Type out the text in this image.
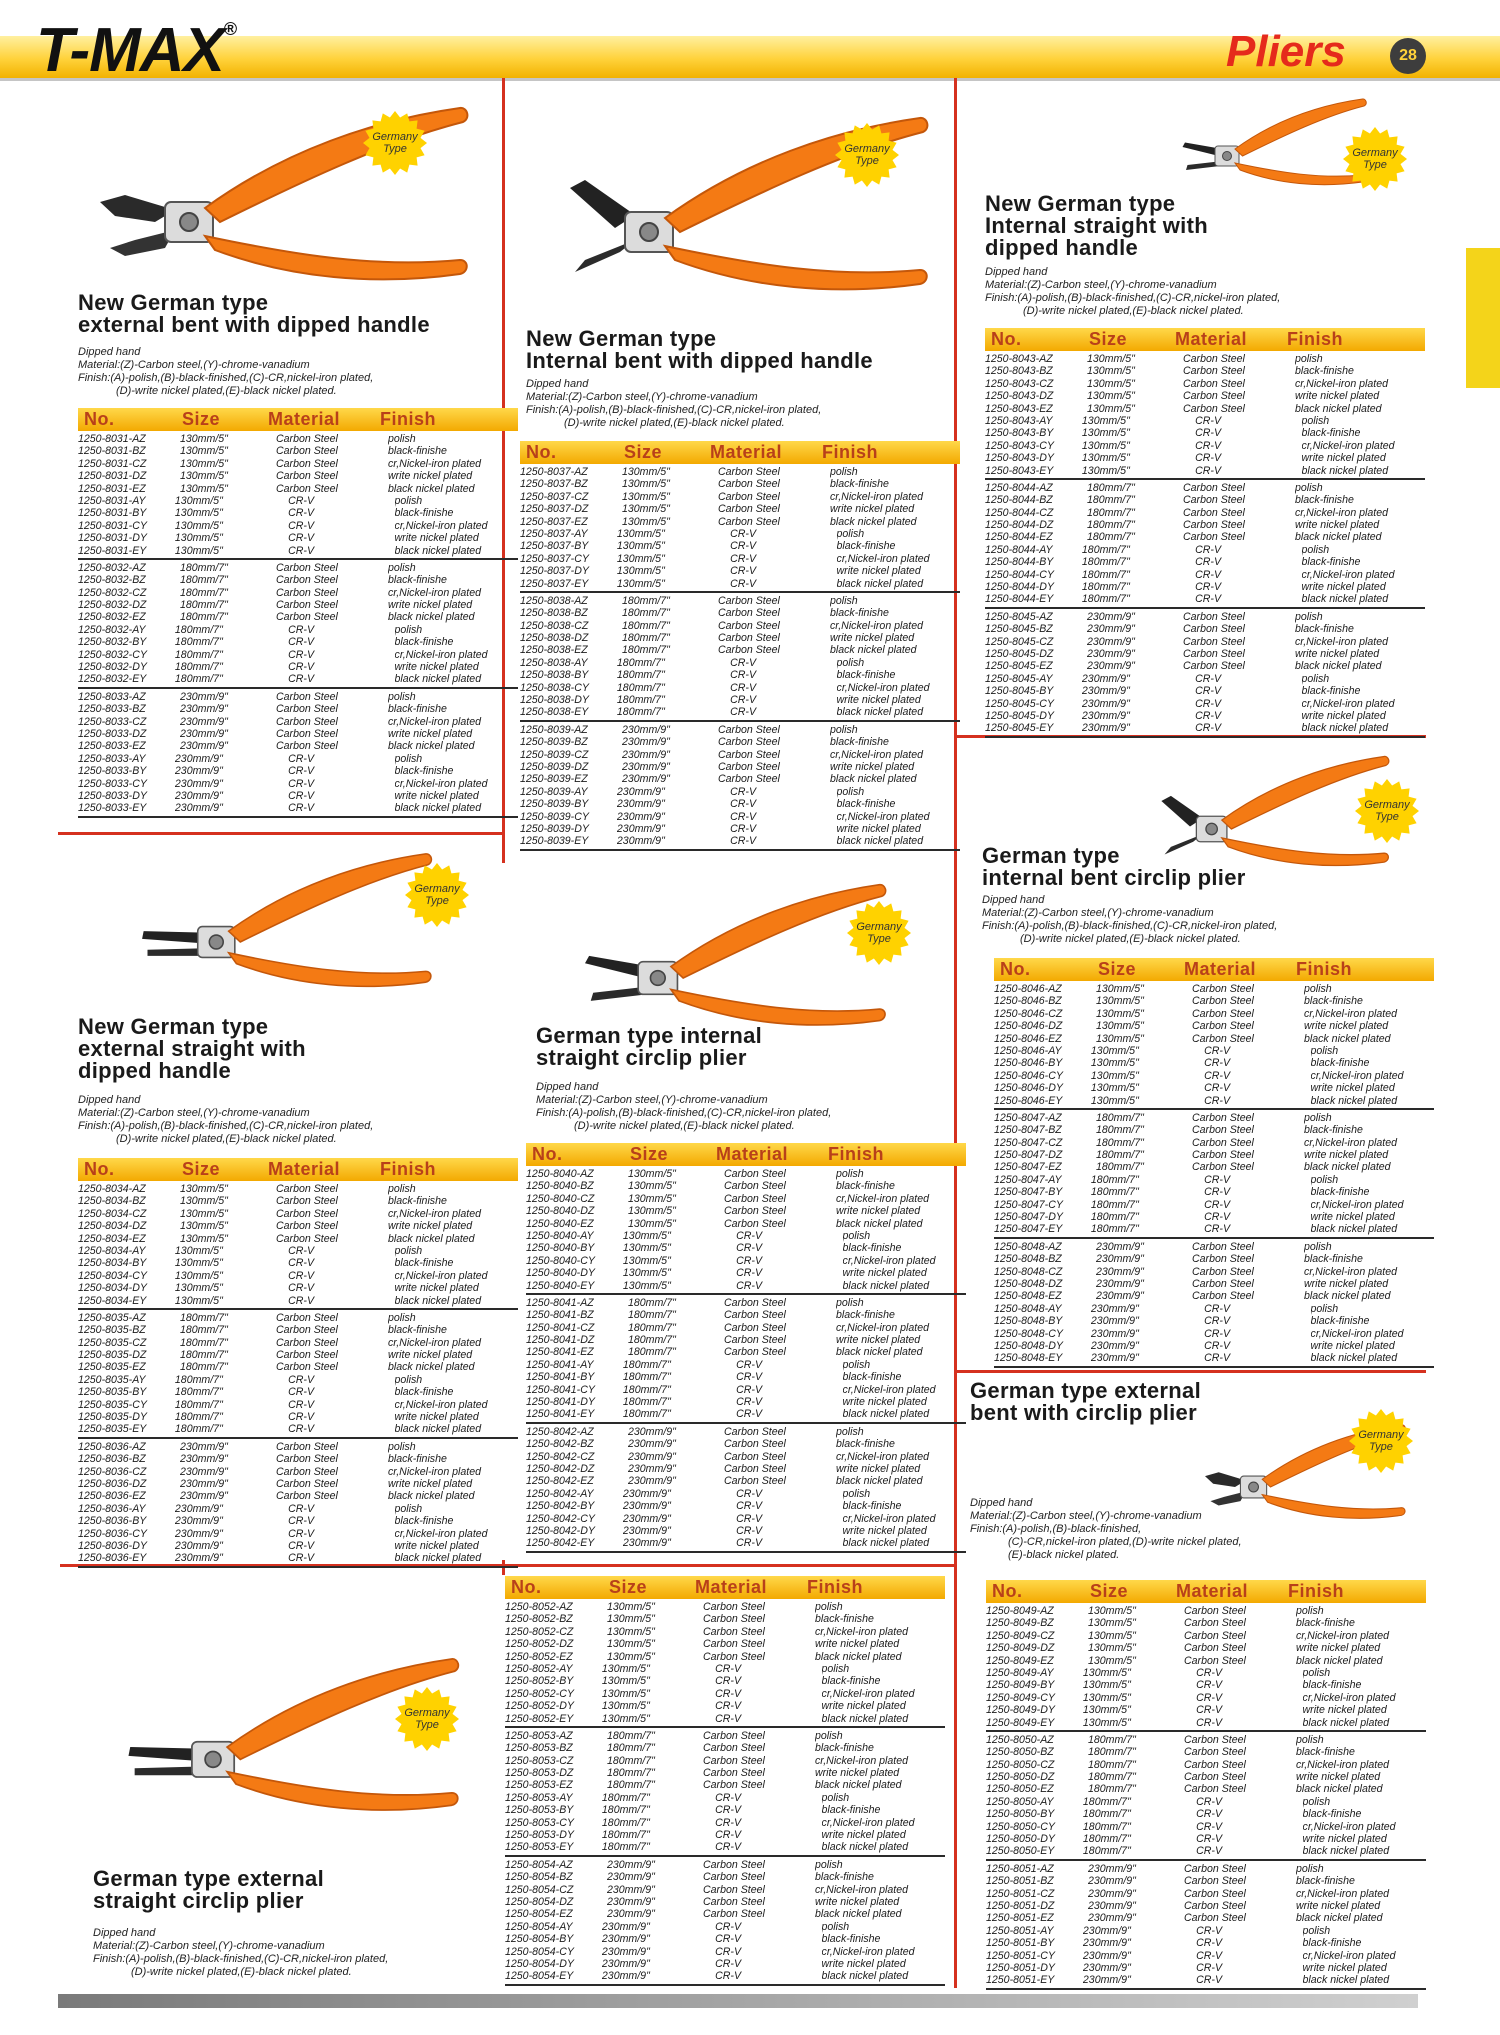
T-MAX®	Pliers	28
Germany
Type
New German type
external bent with dipped handle
Dipped hand
Material:(Z)-Carbon steel,(Y)-chrome-vanadium
Finish:(A)-polish,(B)-black-finished,(C)-CR,nickel-iron plated,
(D)-write nickel plated,(E)-black nickel plated.
No.	Size	Material Finish
1250-8031-AZ	130mm/5"	Carbon Steel	polish
1250-8031-BZ	130mm/5"	Carbon Steel	black-finishe
1250-8031-CZ	130mm/5"	Carbon Steel	cr,Nickel-iron plated
1250-8031-DZ	130mm/5"	Carbon Steel	write nickel plated
1250-8031-EZ	130mm/5"	Carbon Steel	black nickel plated
1250-8031-AY	130mm/5"	CR-V	polish
1250-8031-BY	130mm/5"	CR-V	black-finishe
1250-8031-CY	130mm/5"	CR-V	cr,Nickel-iron plated
1250-8031-DY	130mm/5"	CR-V	write nickel plated
1250-8031-EY	130mm/5"	CR-V	black nickel plated
1250-8032-AZ	180mm/7"	Carbon Steel	polish
1250-8032-BZ	180mm/7"	Carbon Steel	black-finishe
1250-8032-CZ	180mm/7"	Carbon Steel	cr,Nickel-iron plated
1250-8032-DZ	180mm/7"	Carbon Steel	write nickel plated
1250-8032-EZ	180mm/7"	Carbon Steel	black nickel plated
1250-8032-AY	180mm/7"	CR-V	polish
1250-8032-BY	180mm/7"	CR-V	black-finishe
1250-8032-CY	180mm/7"	CR-V	cr,Nickel-iron plated
1250-8032-DY	180mm/7"	CR-V	write nickel plated
1250-8032-EY	180mm/7"	CR-V	black nickel plated
1250-8033-AZ	230mm/9"	Carbon Steel	polish
1250-8033-BZ	230mm/9"	Carbon Steel	black-finishe
1250-8033-CZ	230mm/9"	Carbon Steel	cr,Nickel-iron plated
1250-8033-DZ	230mm/9"	Carbon Steel	write nickel plated
1250-8033-EZ	230mm/9"	Carbon Steel	black nickel plated
1250-8033-AY	230mm/9"	CR-V	polish
1250-8033-BY	230mm/9"	CR-V	black-finishe
1250-8033-CY	230mm/9"	CR-V	cr,Nickel-iron plated
1250-8033-DY	230mm/9"	CR-V	write nickel plated
1250-8033-EY	230mm/9"	CR-V	black nickel plated
Germany
Type
New German type
Internal bent with dipped handle
Dipped hand
Material:(Z)-Carbon steel,(Y)-chrome-vanadium
Finish:(A)-polish,(B)-black-finished,(C)-CR,nickel-iron plated,
(D)-write nickel plated,(E)-black nickel plated.
No.	Size	Material Finish
1250-8037-AZ	130mm/5"	Carbon Steel	polish
1250-8037-BZ	130mm/5"	Carbon Steel	black-finishe
1250-8037-CZ	130mm/5"	Carbon Steel	cr,Nickel-iron plated
1250-8037-DZ	130mm/5"	Carbon Steel	write nickel plated
1250-8037-EZ	130mm/5"	Carbon Steel	black nickel plated
1250-8037-AY	130mm/5"	CR-V	polish
1250-8037-BY	130mm/5"	CR-V	black-finishe
1250-8037-CY	130mm/5"	CR-V	cr,Nickel-iron plated
1250-8037-DY	130mm/5"	CR-V	write nickel plated
1250-8037-EY	130mm/5"	CR-V	black nickel plated
1250-8038-AZ	180mm/7"	Carbon Steel	polish
1250-8038-BZ	180mm/7"	Carbon Steel	black-finishe
1250-8038-CZ	180mm/7"	Carbon Steel	cr,Nickel-iron plated
1250-8038-DZ	180mm/7"	Carbon Steel	write nickel plated
1250-8038-EZ	180mm/7"	Carbon Steel	black nickel plated
1250-8038-AY	180mm/7"	CR-V	polish
1250-8038-BY	180mm/7"	CR-V	black-finishe
1250-8038-CY	180mm/7"	CR-V	cr,Nickel-iron plated
1250-8038-DY	180mm/7"	CR-V	write nickel plated
1250-8038-EY	180mm/7"	CR-V	black nickel plated
1250-8039-AZ	230mm/9"	Carbon Steel	polish
1250-8039-BZ	230mm/9"	Carbon Steel	black-finishe
1250-8039-CZ	230mm/9"	Carbon Steel	cr,Nickel-iron plated
1250-8039-DZ	230mm/9"	Carbon Steel	write nickel plated
1250-8039-EZ	230mm/9"	Carbon Steel	black nickel plated
1250-8039-AY	230mm/9"	CR-V	polish
1250-8039-BY	230mm/9"	CR-V	black-finishe
1250-8039-CY	230mm/9"	CR-V	cr,Nickel-iron plated
1250-8039-DY	230mm/9"	CR-V	write nickel plated
1250-8039-EY	230mm/9"	CR-V	black nickel plated
Germany
Type
New German type
Internal straight with
dipped handle
Dipped hand
Material:(Z)-Carbon steel,(Y)-chrome-vanadium
Finish:(A)-polish,(B)-black-finished,(C)-CR,nickel-iron plated,
(D)-write nickel plated,(E)-black nickel plated.
No.	Size	Material Finish
1250-8043-AZ	130mm/5"	Carbon Steel	polish
1250-8043-BZ	130mm/5"	Carbon Steel	black-finishe
1250-8043-CZ	130mm/5"	Carbon Steel	cr,Nickel-iron plated
1250-8043-DZ	130mm/5"	Carbon Steel	write nickel plated
1250-8043-EZ	130mm/5"	Carbon Steel	black nickel plated
1250-8043-AY	130mm/5"	CR-V	polish
1250-8043-BY	130mm/5"	CR-V	black-finishe
1250-8043-CY	130mm/5"	CR-V	cr,Nickel-iron plated
1250-8043-DY	130mm/5"	CR-V	write nickel plated
1250-8043-EY	130mm/5"	CR-V	black nickel plated
1250-8044-AZ	180mm/7"	Carbon Steel	polish
1250-8044-BZ	180mm/7"	Carbon Steel	black-finishe
1250-8044-CZ	180mm/7"	Carbon Steel	cr,Nickel-iron plated
1250-8044-DZ	180mm/7"	Carbon Steel	write nickel plated
1250-8044-EZ	180mm/7"	Carbon Steel	black nickel plated
1250-8044-AY	180mm/7"	CR-V	polish
1250-8044-BY	180mm/7"	CR-V	black-finishe
1250-8044-CY	180mm/7"	CR-V	cr,Nickel-iron plated
1250-8044-DY	180mm/7"	CR-V	write nickel plated
1250-8044-EY	180mm/7"	CR-V	black nickel plated
1250-8045-AZ	230mm/9"	Carbon Steel	polish
1250-8045-BZ	230mm/9"	Carbon Steel	black-finishe
1250-8045-CZ	230mm/9"	Carbon Steel	cr,Nickel-iron plated
1250-8045-DZ	230mm/9"	Carbon Steel	write nickel plated
1250-8045-EZ	230mm/9"	Carbon Steel	black nickel plated
1250-8045-AY	230mm/9"	CR-V	polish
1250-8045-BY	230mm/9"	CR-V	black-finishe
1250-8045-CY	230mm/9"	CR-V	cr,Nickel-iron plated
1250-8045-DY	230mm/9"	CR-V	write nickel plated
1250-8045-EY	230mm/9"	CR-V	black nickel plated
Germany
Type
New German type
external straight with
dipped handle
Dipped hand
Material:(Z)-Carbon steel,(Y)-chrome-vanadium
Finish:(A)-polish,(B)-black-finished,(C)-CR,nickel-iron plated,
(D)-write nickel plated,(E)-black nickel plated.
No.	Size	Material Finish
1250-8034-AZ	130mm/5"	Carbon Steel	polish
1250-8034-BZ	130mm/5"	Carbon Steel	black-finishe
1250-8034-CZ	130mm/5"	Carbon Steel	cr,Nickel-iron plated
1250-8034-DZ	130mm/5"	Carbon Steel	write nickel plated
1250-8034-EZ	130mm/5"	Carbon Steel	black nickel plated
1250-8034-AY	130mm/5"	CR-V	polish
1250-8034-BY	130mm/5"	CR-V	black-finishe
1250-8034-CY	130mm/5"	CR-V	cr,Nickel-iron plated
1250-8034-DY	130mm/5"	CR-V	write nickel plated
1250-8034-EY	130mm/5"	CR-V	black nickel plated
1250-8035-AZ	180mm/7"	Carbon Steel	polish
1250-8035-BZ	180mm/7"	Carbon Steel	black-finishe
1250-8035-CZ	180mm/7"	Carbon Steel	cr,Nickel-iron plated
1250-8035-DZ	180mm/7"	Carbon Steel	write nickel plated
1250-8035-EZ	180mm/7"	Carbon Steel	black nickel plated
1250-8035-AY	180mm/7"	CR-V	polish
1250-8035-BY	180mm/7"	CR-V	black-finishe
1250-8035-CY	180mm/7"	CR-V	cr,Nickel-iron plated
1250-8035-DY	180mm/7"	CR-V	write nickel plated
1250-8035-EY	180mm/7"	CR-V	black nickel plated
1250-8036-AZ	230mm/9"	Carbon Steel	polish
1250-8036-BZ	230mm/9"	Carbon Steel	black-finishe
1250-8036-CZ	230mm/9"	Carbon Steel	cr,Nickel-iron plated
1250-8036-DZ	230mm/9"	Carbon Steel	write nickel plated
1250-8036-EZ	230mm/9"	Carbon Steel	black nickel plated
1250-8036-AY	230mm/9"	CR-V	polish
1250-8036-BY	230mm/9"	CR-V	black-finishe
1250-8036-CY	230mm/9"	CR-V	cr,Nickel-iron plated
1250-8036-DY	230mm/9"	CR-V	write nickel plated
1250-8036-EY	230mm/9"	CR-V	black nickel plated
Germany
Type
German type internal
straight circlip plier
Dipped hand
Material:(Z)-Carbon steel,(Y)-chrome-vanadium
Finish:(A)-polish,(B)-black-finished,(C)-CR,nickel-iron plated,
(D)-write nickel plated,(E)-black nickel plated.
No.	Size	Material Finish
1250-8040-AZ	130mm/5"	Carbon Steel	polish
1250-8040-BZ	130mm/5"	Carbon Steel	black-finishe
1250-8040-CZ	130mm/5"	Carbon Steel	cr,Nickel-iron plated
1250-8040-DZ	130mm/5"	Carbon Steel	write nickel plated
1250-8040-EZ	130mm/5"	Carbon Steel	black nickel plated
1250-8040-AY	130mm/5"	CR-V	polish
1250-8040-BY	130mm/5"	CR-V	black-finishe
1250-8040-CY	130mm/5"	CR-V	cr,Nickel-iron plated
1250-8040-DY	130mm/5"	CR-V	write nickel plated
1250-8040-EY	130mm/5"	CR-V	black nickel plated
1250-8041-AZ	180mm/7"	Carbon Steel	polish
1250-8041-BZ	180mm/7"	Carbon Steel	black-finishe
1250-8041-CZ	180mm/7"	Carbon Steel	cr,Nickel-iron plated
1250-8041-DZ	180mm/7"	Carbon Steel	write nickel plated
1250-8041-EZ	180mm/7"	Carbon Steel	black nickel plated
1250-8041-AY	180mm/7"	CR-V	polish
1250-8041-BY	180mm/7"	CR-V	black-finishe
1250-8041-CY	180mm/7"	CR-V	cr,Nickel-iron plated
1250-8041-DY	180mm/7"	CR-V	write nickel plated
1250-8041-EY	180mm/7"	CR-V	black nickel plated
1250-8042-AZ	230mm/9"	Carbon Steel	polish
1250-8042-BZ	230mm/9"	Carbon Steel	black-finishe
1250-8042-CZ	230mm/9"	Carbon Steel	cr,Nickel-iron plated
1250-8042-DZ	230mm/9"	Carbon Steel	write nickel plated
1250-8042-EZ	230mm/9"	Carbon Steel	black nickel plated
1250-8042-AY	230mm/9"	CR-V	polish
1250-8042-BY	230mm/9"	CR-V	black-finishe
1250-8042-CY	230mm/9"	CR-V	cr,Nickel-iron plated
1250-8042-DY	230mm/9"	CR-V	write nickel plated
1250-8042-EY	230mm/9"	CR-V	black nickel plated
Germany
Type
German type
internal bent circlip plier
Dipped hand
Material:(Z)-Carbon steel,(Y)-chrome-vanadium
Finish:(A)-polish,(B)-black-finished,(C)-CR,nickel-iron plated,
(D)-write nickel plated,(E)-black nickel plated.
No.	Size	Material Finish
1250-8046-AZ	130mm/5"	Carbon Steel	polish
1250-8046-BZ	130mm/5"	Carbon Steel	black-finishe
1250-8046-CZ	130mm/5"	Carbon Steel	cr,Nickel-iron plated
1250-8046-DZ	130mm/5"	Carbon Steel	write nickel plated
1250-8046-EZ	130mm/5"	Carbon Steel	black nickel plated
1250-8046-AY	130mm/5"	CR-V	polish
1250-8046-BY	130mm/5"	CR-V	black-finishe
1250-8046-CY	130mm/5"	CR-V	cr,Nickel-iron plated
1250-8046-DY	130mm/5"	CR-V	write nickel plated
1250-8046-EY	130mm/5"	CR-V	black nickel plated
1250-8047-AZ	180mm/7"	Carbon Steel	polish
1250-8047-BZ	180mm/7"	Carbon Steel	black-finishe
1250-8047-CZ	180mm/7"	Carbon Steel	cr,Nickel-iron plated
1250-8047-DZ	180mm/7"	Carbon Steel	write nickel plated
1250-8047-EZ	180mm/7"	Carbon Steel	black nickel plated
1250-8047-AY	180mm/7"	CR-V	polish
1250-8047-BY	180mm/7"	CR-V	black-finishe
1250-8047-CY	180mm/7"	CR-V	cr,Nickel-iron plated
1250-8047-DY	180mm/7"	CR-V	write nickel plated
1250-8047-EY	180mm/7"	CR-V	black nickel plated
1250-8048-AZ	230mm/9"	Carbon Steel	polish
1250-8048-BZ	230mm/9"	Carbon Steel	black-finishe
1250-8048-CZ	230mm/9"	Carbon Steel	cr,Nickel-iron plated
1250-8048-DZ	230mm/9"	Carbon Steel	write nickel plated
1250-8048-EZ	230mm/9"	Carbon Steel	black nickel plated
1250-8048-AY	230mm/9"	CR-V	polish
1250-8048-BY	230mm/9"	CR-V	black-finishe
1250-8048-CY	230mm/9"	CR-V	cr,Nickel-iron plated
1250-8048-DY	230mm/9"	CR-V	write nickel plated
1250-8048-EY	230mm/9"	CR-V	black nickel plated
Germany
Type
German type external
bent with circlip plier
Dipped hand
Material:(Z)-Carbon steel,(Y)-chrome-vanadium
Finish:(A)-polish,(B)-black-finished,
(C)-CR,nickel-iron plated,(D)-write nickel plated,
(E)-black nickel plated.
No.	Size	Material Finish
1250-8049-AZ	130mm/5"	Carbon Steel	polish
1250-8049-BZ	130mm/5"	Carbon Steel	black-finishe
1250-8049-CZ	130mm/5"	Carbon Steel	cr,Nickel-iron plated
1250-8049-DZ	130mm/5"	Carbon Steel	write nickel plated
1250-8049-EZ	130mm/5"	Carbon Steel	black nickel plated
1250-8049-AY	130mm/5"	CR-V	polish
1250-8049-BY	130mm/5"	CR-V	black-finishe
1250-8049-CY	130mm/5"	CR-V	cr,Nickel-iron plated
1250-8049-DY	130mm/5"	CR-V	write nickel plated
1250-8049-EY	130mm/5"	CR-V	black nickel plated
1250-8050-AZ	180mm/7"	Carbon Steel	polish
1250-8050-BZ	180mm/7"	Carbon Steel	black-finishe
1250-8050-CZ	180mm/7"	Carbon Steel	cr,Nickel-iron plated
1250-8050-DZ	180mm/7"	Carbon Steel	write nickel plated
1250-8050-EZ	180mm/7"	Carbon Steel	black nickel plated
1250-8050-AY	180mm/7"	CR-V	polish
1250-8050-BY	180mm/7"	CR-V	black-finishe
1250-8050-CY	180mm/7"	CR-V	cr,Nickel-iron plated
1250-8050-DY	180mm/7"	CR-V	write nickel plated
1250-8050-EY	180mm/7"	CR-V	black nickel plated
1250-8051-AZ	230mm/9"	Carbon Steel	polish
1250-8051-BZ	230mm/9"	Carbon Steel	black-finishe
1250-8051-CZ	230mm/9"	Carbon Steel	cr,Nickel-iron plated
1250-8051-DZ	230mm/9"	Carbon Steel	write nickel plated
1250-8051-EZ	230mm/9"	Carbon Steel	black nickel plated
1250-8051-AY	230mm/9"	CR-V	polish
1250-8051-BY	230mm/9"	CR-V	black-finishe
1250-8051-CY	230mm/9"	CR-V	cr,Nickel-iron plated
1250-8051-DY	230mm/9"	CR-V	write nickel plated
1250-8051-EY	230mm/9"	CR-V	black nickel plated
Germany
Type
German type external
straight circlip plier
Dipped hand
Material:(Z)-Carbon steel,(Y)-chrome-vanadium
Finish:(A)-polish,(B)-black-finished,(C)-CR,nickel-iron plated,
(D)-write nickel plated,(E)-black nickel plated.
No.	Size	Material Finish
1250-8052-AZ	130mm/5"	Carbon Steel	polish
1250-8052-BZ	130mm/5"	Carbon Steel	black-finishe
1250-8052-CZ	130mm/5"	Carbon Steel	cr,Nickel-iron plated
1250-8052-DZ	130mm/5"	Carbon Steel	write nickel plated
1250-8052-EZ	130mm/5"	Carbon Steel	black nickel plated
1250-8052-AY	130mm/5"	CR-V	polish
1250-8052-BY	130mm/5"	CR-V	black-finishe
1250-8052-CY	130mm/5"	CR-V	cr,Nickel-iron plated
1250-8052-DY	130mm/5"	CR-V	write nickel plated
1250-8052-EY	130mm/5"	CR-V	black nickel plated
1250-8053-AZ	180mm/7"	Carbon Steel	polish
1250-8053-BZ	180mm/7"	Carbon Steel	black-finishe
1250-8053-CZ	180mm/7"	Carbon Steel	cr,Nickel-iron plated
1250-8053-DZ	180mm/7"	Carbon Steel	write nickel plated
1250-8053-EZ	180mm/7"	Carbon Steel	black nickel plated
1250-8053-AY	180mm/7"	CR-V	polish
1250-8053-BY	180mm/7"	CR-V	black-finishe
1250-8053-CY	180mm/7"	CR-V	cr,Nickel-iron plated
1250-8053-DY	180mm/7"	CR-V	write nickel plated
1250-8053-EY	180mm/7"	CR-V	black nickel plated
1250-8054-AZ	230mm/9"	Carbon Steel	polish
1250-8054-BZ	230mm/9"	Carbon Steel	black-finishe
1250-8054-CZ	230mm/9"	Carbon Steel	cr,Nickel-iron plated
1250-8054-DZ	230mm/9"	Carbon Steel	write nickel plated
1250-8054-EZ	230mm/9"	Carbon Steel	black nickel plated
1250-8054-AY	230mm/9"	CR-V	polish
1250-8054-BY	230mm/9"	CR-V	black-finishe
1250-8054-CY	230mm/9"	CR-V	cr,Nickel-iron plated
1250-8054-DY	230mm/9"	CR-V	write nickel plated
1250-8054-EY	230mm/9"	CR-V	black nickel plated
